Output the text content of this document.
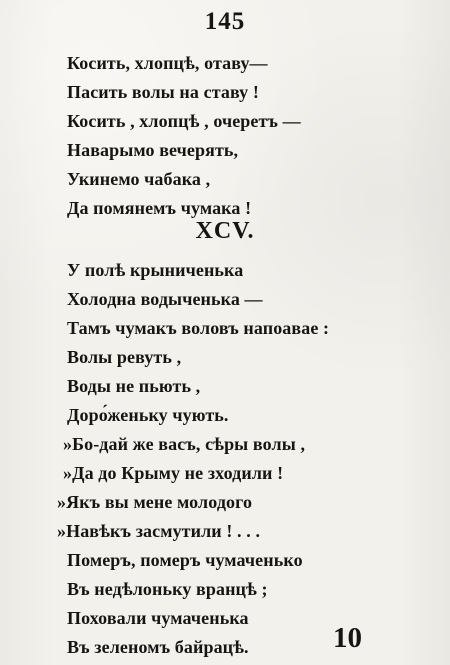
145
Косить, хлопцѣ, отаву—
Пасить волы на ставу !
Косить , хлопцѣ , очеретъ —
Наварымо вечерять,
Укинемо чабака ,
Да помянемъ чумака !
XCV.
У полѣ крыниченька
Холодна водыченька —
Тамъ чумакъ воловъ напоавае :
Волы ревуть ,
Воды не пьють ,
Доро́женьку чують.
»Бо-дай же васъ, сѣры волы ,
»Да до Крыму не зходили !
»Якъ вы мене молодого
»Навѣкъ засмутили ! . . .
Померъ, померъ чумаченько
Въ недѣлоньку вранцѣ ;
Поховали чумаченька
Въ зеленомъ байрацѣ.	10
